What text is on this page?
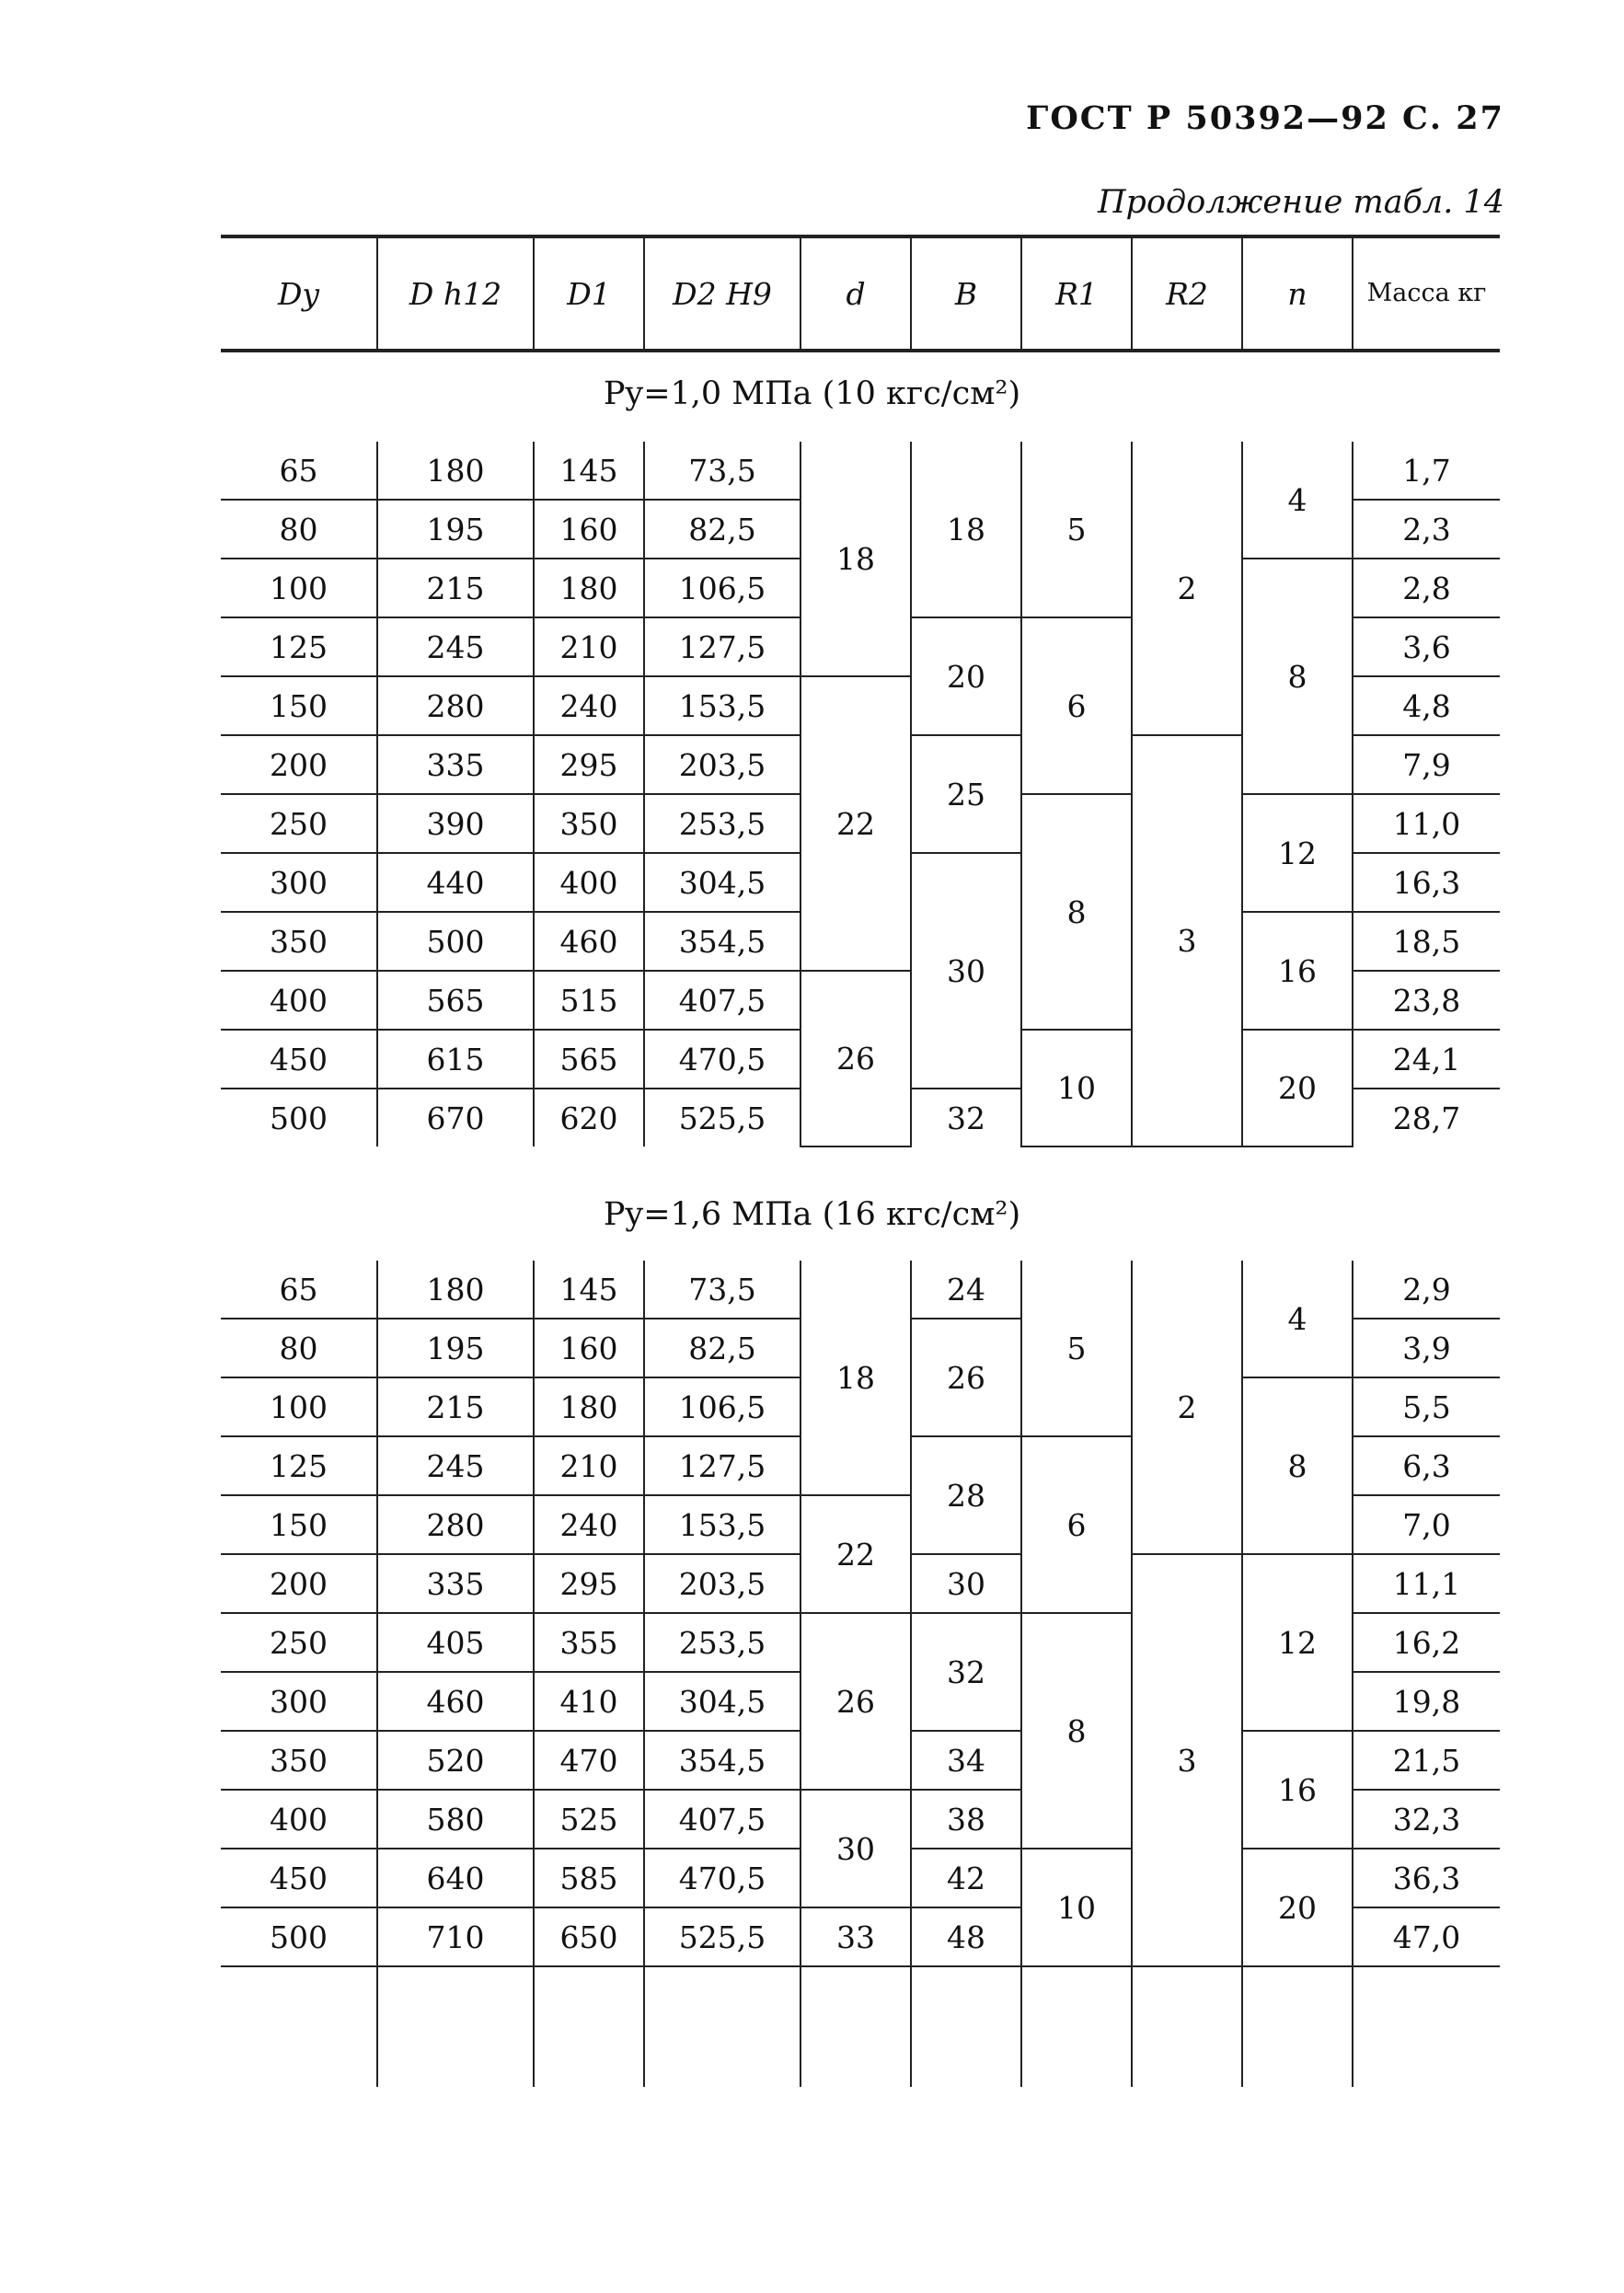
ГОСТ Р 50392—92 С. 27
Продолжение табл. 14
Dy	D h12	D1	D2 H9	d	B	R1	R2	n	Масса кг
Py=1,0 МПа (10 кгс/см²)
65	180	145	73,5	18	18	5	2	4	1,7
80	195	160	82,5						2,3
100	215	180	106,5					8	2,8
125	245	210	127,5		20	6			3,6
150	280	240	153,5	22					4,8
200	335	295	203,5		25		3		7,9
250	390	350	253,5			8		12	11,0
300	440	400	304,5		30				16,3
350	500	460	354,5					16	18,5
400	565	515	407,5	26					23,8
450	615	565	470,5			10		20	24,1
500	670	620	525,5		32				28,7
Py=1,6 МПа (16 кгс/см²)
65	180	145	73,5	18	24	5	2	4	2,9
80	195	160	82,5		26				3,9
100	215	180	106,5					8	5,5
125	245	210	127,5		28	6			6,3
150	280	240	153,5	22					7,0
200	335	295	203,5		30		3	12	11,1
250	405	355	253,5	26	32	8			16,2
300	460	410	304,5						19,8
350	520	470	354,5		34			16	21,5
400	580	525	407,5	30	38				32,3
450	640	585	470,5		42	10		20	36,3
500	710	650	525,5	33	48				47,0
